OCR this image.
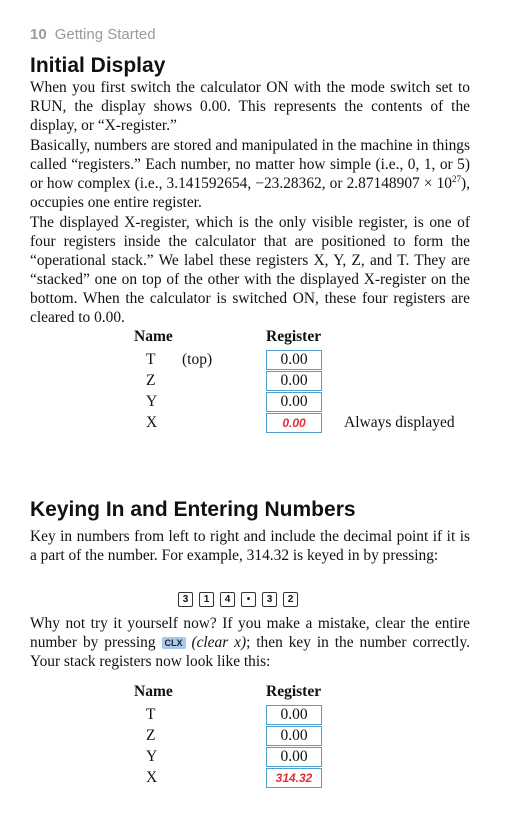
10 Getting Started
Initial Display

When you first switch the calculator ON with the mode switch set to RUN, the display shows 0.00. This represents the contents of the display, or “X-register.”

Basically, numbers are stored and manipulated in the machine in things called “registers.” Each number, no matter how simple (i.e., 0, 1, or 5) or how complex (i.e., 3.141592654, −23.28362, or $2.87148907 \times 10^{27}$), occupies one entire register.

The displayed X-register, which is the only visible register, is one of four registers inside the calculator that are positioned to form the “operational stack.” We label these registers X, Y, Z, and T. They are “stacked” one on top of the other with the displayed X-register on the bottom. When the calculator is switched ON, these four registers are cleared to 0.00.

Name	Register
T (top)	0.00
Z	0.00
Y	0.00
X	0.00	Always displayed
Keying In and Entering Numbers

Key in numbers from left to right and include the decimal point if it is a part of the number. For example, 314.32 is keyed in by pressing:

3	1	4	•	3	2

Why not try it yourself now? If you make a mistake, clear the entire number by pressing CLX (clear x); then key in the number correctly. Your stack registers now look like this:

Name	Register
T	0.00
Z	0.00
Y	0.00
X	314.32
